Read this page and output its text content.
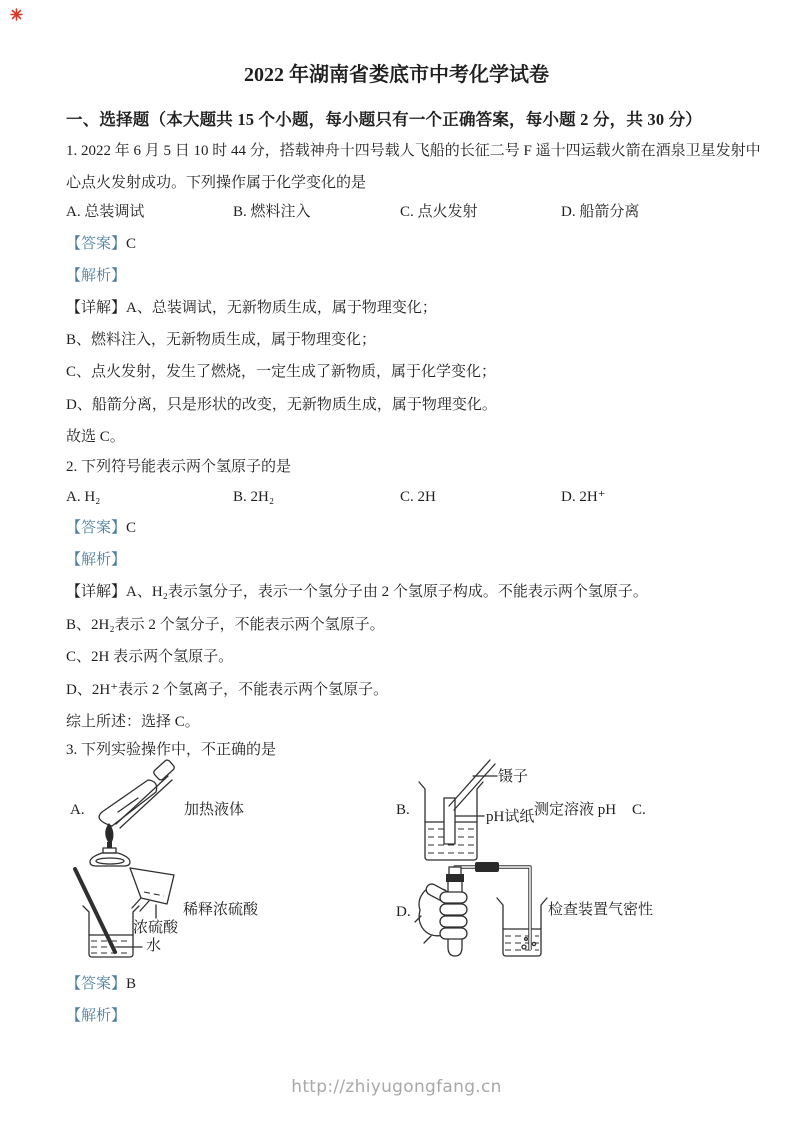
2022 年湖南省娄底市中考化学试卷
一、选择题（本大题共 15 个小题，每小题只有一个正确答案，每小题 2 分，共 30 分）
1. 2022 年 6 月 5 日 10 时 44 分，搭载神舟十四号载人飞船的长征二号 F 遥十四运载火箭在酒泉卫星发射中
心点火发射成功。下列操作属于化学变化的是
A. 总装调试	B. 燃料注入	C. 点火发射	D. 船箭分离
【答案】C
【解析】
【详解】A、总装调试，无新物质生成，属于物理变化；
B、燃料注入，无新物质生成，属于物理变化；
C、点火发射，发生了燃烧，一定生成了新物质，属于化学变化；
D、船箭分离，只是形状的改变，无新物质生成，属于物理变化。
故选 C。
2. 下列符号能表示两个氢原子的是
A. H₂	B. 2H₂	C. 2H	D. 2H⁺
【答案】C
【解析】
【详解】A、H₂表示氢分子，表示一个氢分子由 2 个氢原子构成。不能表示两个氢原子。
B、2H₂表示 2 个氢分子，不能表示两个氢原子。
C、2H 表示两个氢原子。
D、2H⁺表示 2 个氢离子，不能表示两个氢原子。
综上所述：选择 C。
3. 下列实验操作中，不正确的是
A.	加热液体	B.
镊子
pH试纸 测定溶液 pH C.
稀释浓硫酸
浓硫酸
水
D.	检查装置气密性
【答案】B
【解析】
http://zhiyugongfang.cn
